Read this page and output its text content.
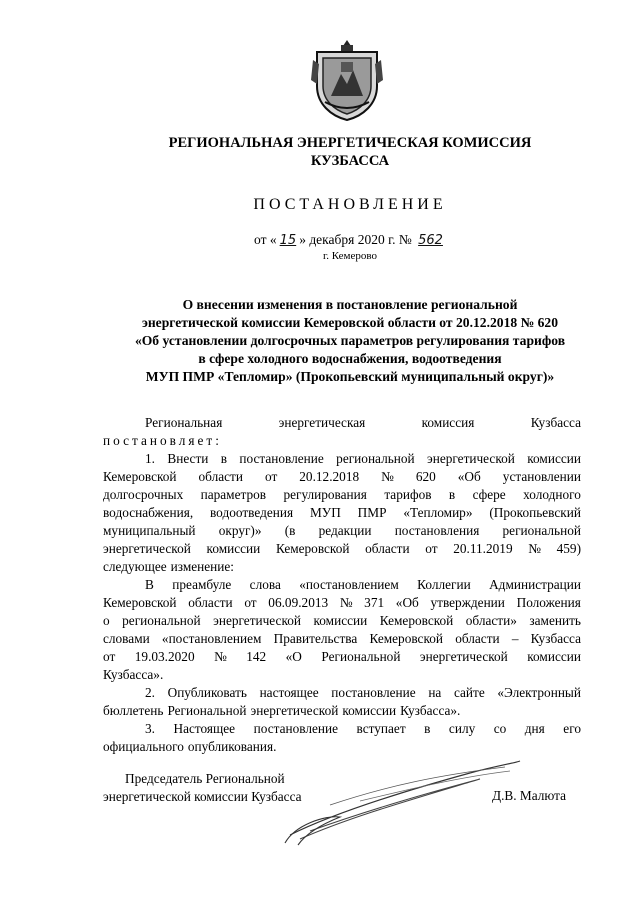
РЕГИОНАЛЬНАЯ ЭНЕРГЕТИЧЕСКАЯ КОМИССИЯ
КУЗБАССА
ПОСТАНОВЛЕНИЕ
от « 15 » декабря 2020 г. № 562
г. Кемерово
О внесении изменения в постановление региональной
энергетической комиссии Кемеровской области от 20.12.2018 № 620
«Об установлении долгосрочных параметров регулирования тарифов
в сфере холодного водоснабжения, водоотведения
МУП ПМР «Тепломир» (Прокопьевский муниципальный округ)»
Региональная	энергетическая	комиссия	Кузбасса
постановляет:
1. Внести в постановление региональной энергетической комиссии
Кемеровской области от 20.12.2018 № 620 «Об установлении
долгосрочных параметров регулирования тарифов в сфере холодного
водоснабжения, водоотведения МУП ПМР «Тепломир» (Прокопьевский
муниципальный округ)» (в редакции постановления региональной
энергетической комиссии Кемеровской области от 20.11.2019 № 459)
следующее изменение:
В преамбуле слова «постановлением Коллегии Администрации
Кемеровской области от 06.09.2013 № 371 «Об утверждении Положения
о региональной энергетической комиссии Кемеровской области» заменить
словами «постановлением Правительства Кемеровской области – Кузбасса
от 19.03.2020 № 142 «О Региональной энергетической комиссии
Кузбасса».
2. Опубликовать настоящее постановление на сайте «Электронный
бюллетень Региональной энергетической комиссии Кузбасса».
3. Настоящее постановление вступает в силу со дня его
официального опубликования.
Председатель Региональной
энергетической комиссии Кузбасса	Д.В. Малюта
